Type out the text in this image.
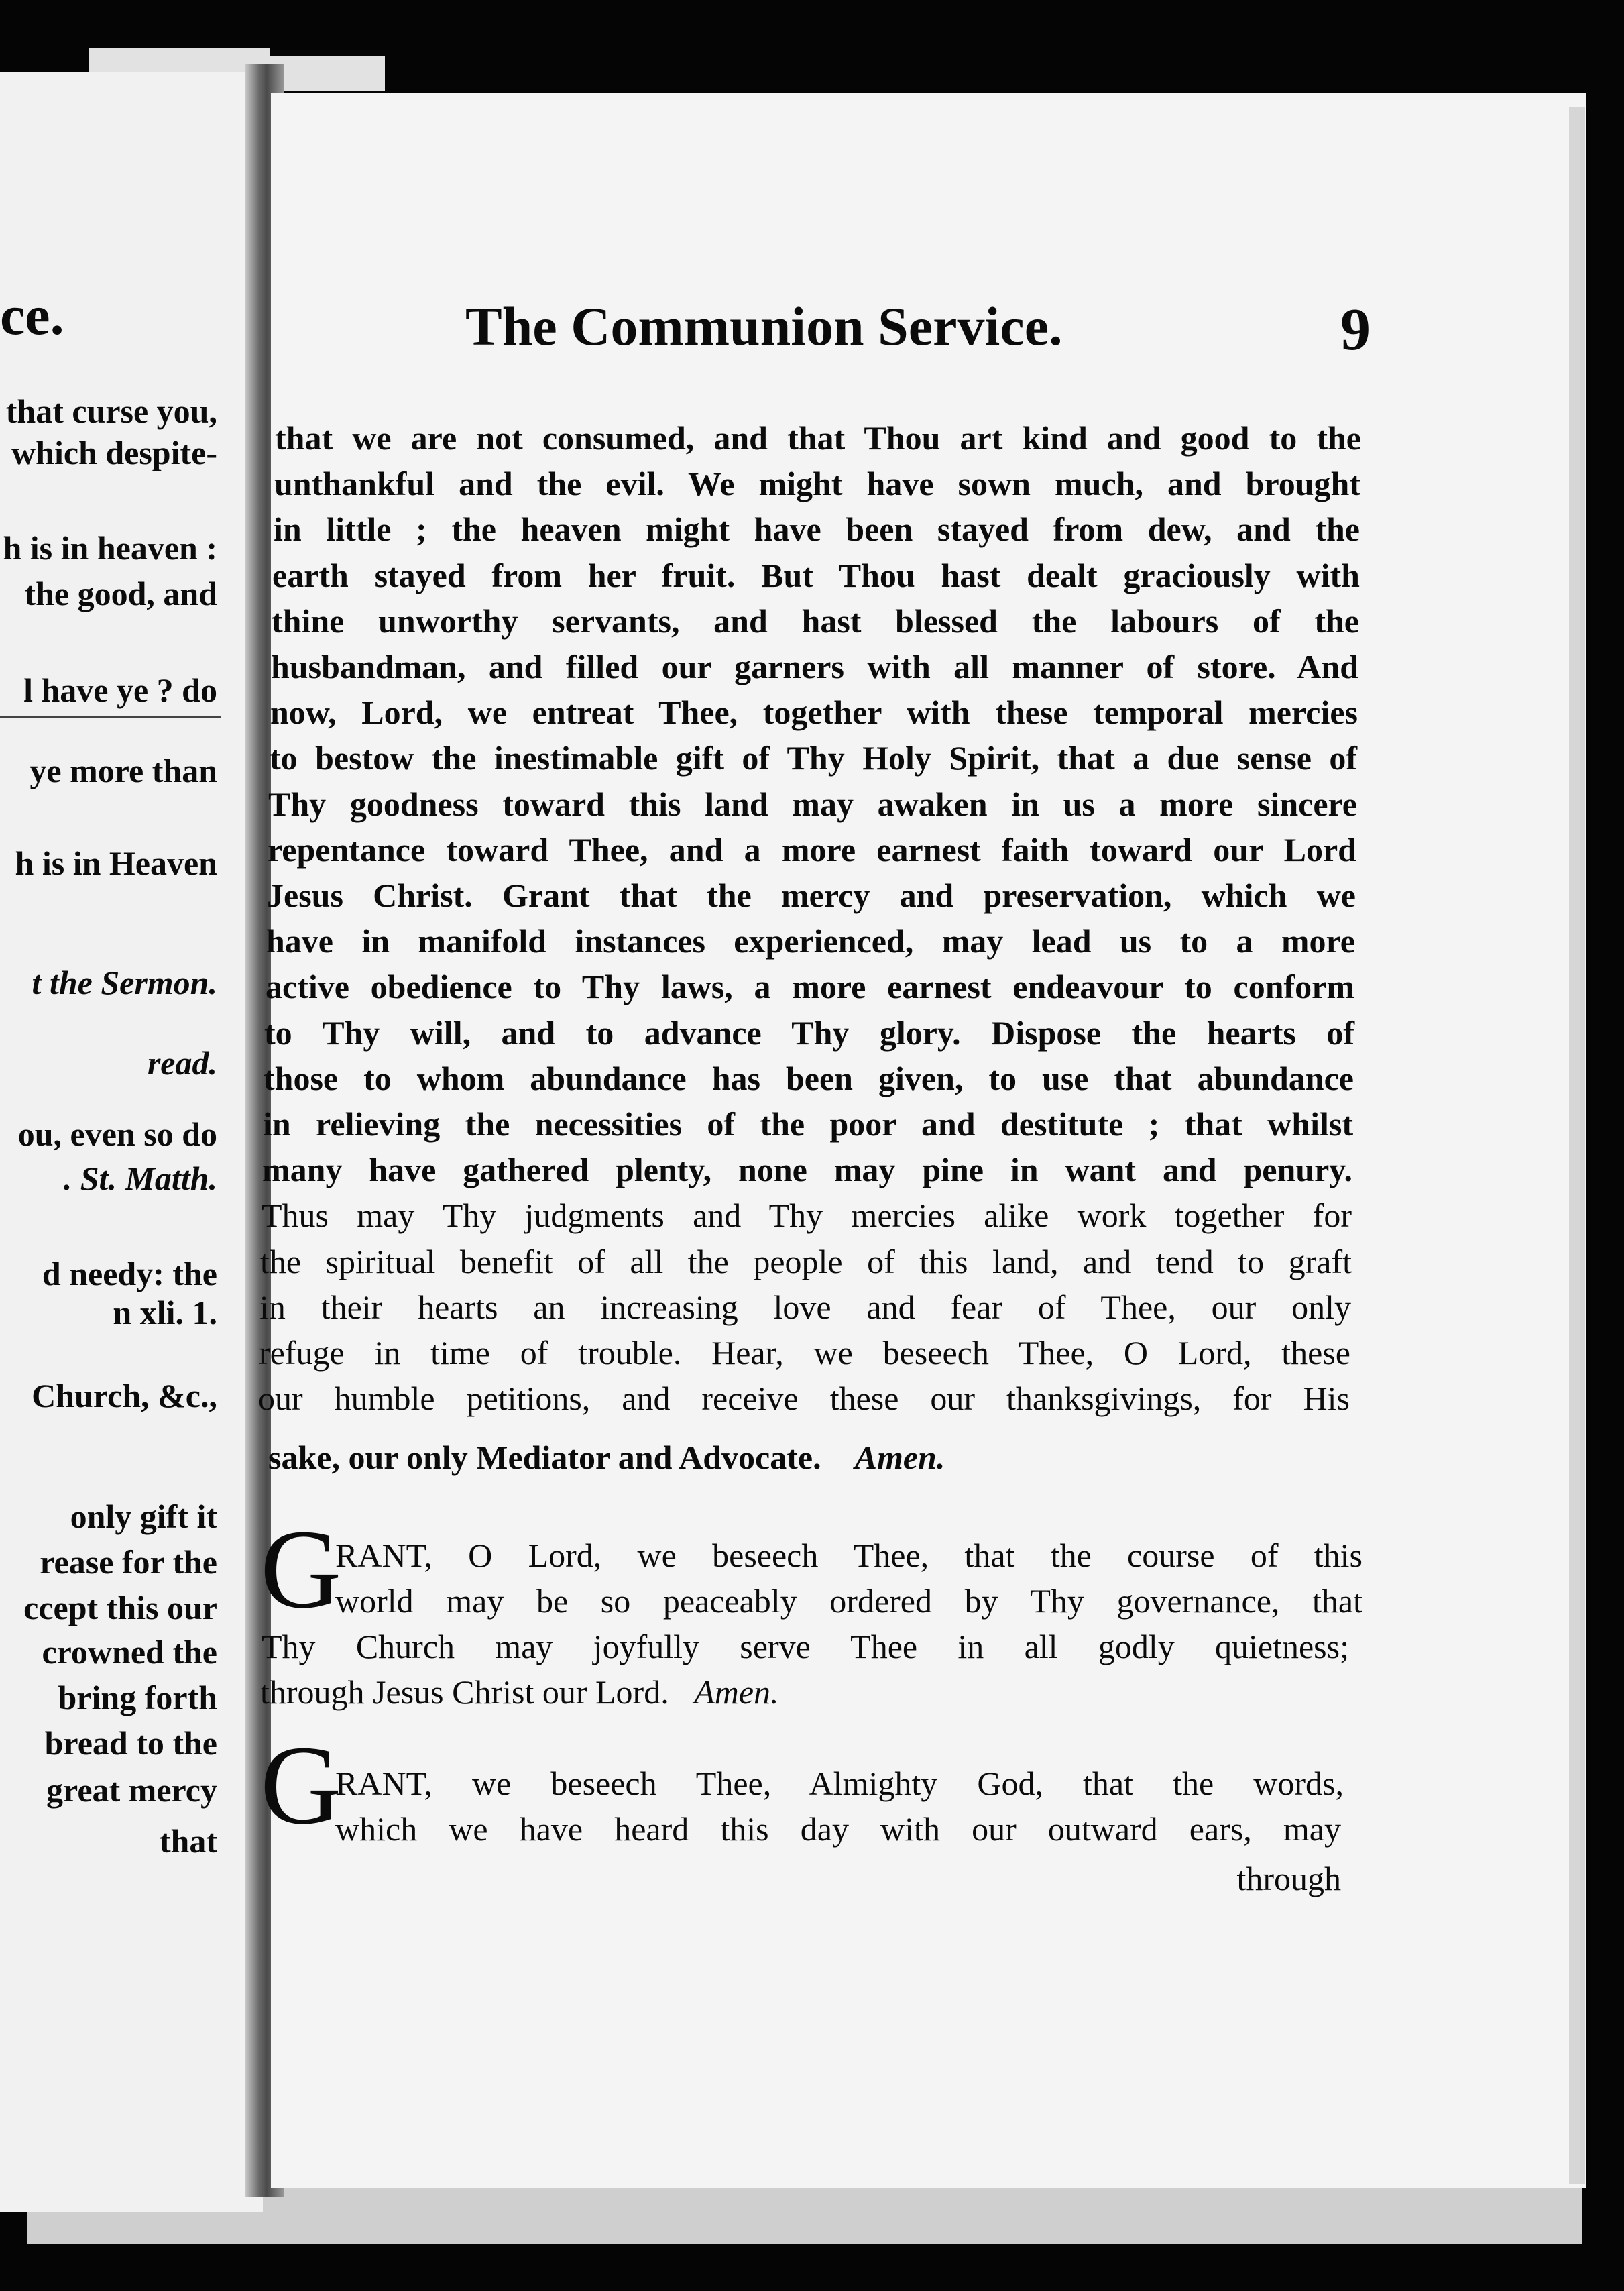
ce.
that curse you,
which despite-
h is in heaven :
the good, and
l have ye ? do
ye more than
h is in Heaven
t the Sermon.
read.
ou, even so do
. St. Matth.
d needy: the
n xli. 1.
Church, &c.,
only gift it
rease for the
ccept this our
crowned the
bring forth
bread to the
great mercy
that
The Communion Service.	9
that we are not consumed, and that Thou art kind and good to the
unthankful and the evil. We might have sown much, and brought
in little ; the heaven might have been stayed from dew, and the
earth stayed from her fruit. But Thou hast dealt graciously with
thine unworthy servants, and hast blessed the labours of the
husbandman, and filled our garners with all manner of store. And
now, Lord, we entreat Thee, together with these temporal mercies
to bestow the inestimable gift of Thy Holy Spirit, that a due sense of
Thy goodness toward this land may awaken in us a more sincere
repentance toward Thee, and a more earnest faith toward our Lord
Jesus Christ. Grant that the mercy and preservation, which we
have in manifold instances experienced, may lead us to a more
active obedience to Thy laws, a more earnest endeavour to conform
to Thy will, and to advance Thy glory. Dispose the hearts of
those to whom abundance has been given, to use that abundance
in relieving the necessities of the poor and destitute ; that whilst
many have gathered plenty, none may pine in want and penury.
Thus may Thy judgments and Thy mercies alike work together for
the spiritual benefit of all the people of this land, and tend to graft
in their hearts an increasing love and fear of Thee, our only
refuge in time of trouble. Hear, we beseech Thee, O Lord, these
our humble petitions, and receive these our thanksgivings, for His
sake, our only Mediator and Advocate. Amen.
G
RANT, O Lord, we beseech Thee, that the course of this
world may be so peaceably ordered by Thy governance, that
Thy Church may joyfully serve Thee in all godly quietness;
through Jesus Christ our Lord. Amen.
G
RANT, we beseech Thee, Almighty God, that the words,
which we have heard this day with our outward ears, may
through
